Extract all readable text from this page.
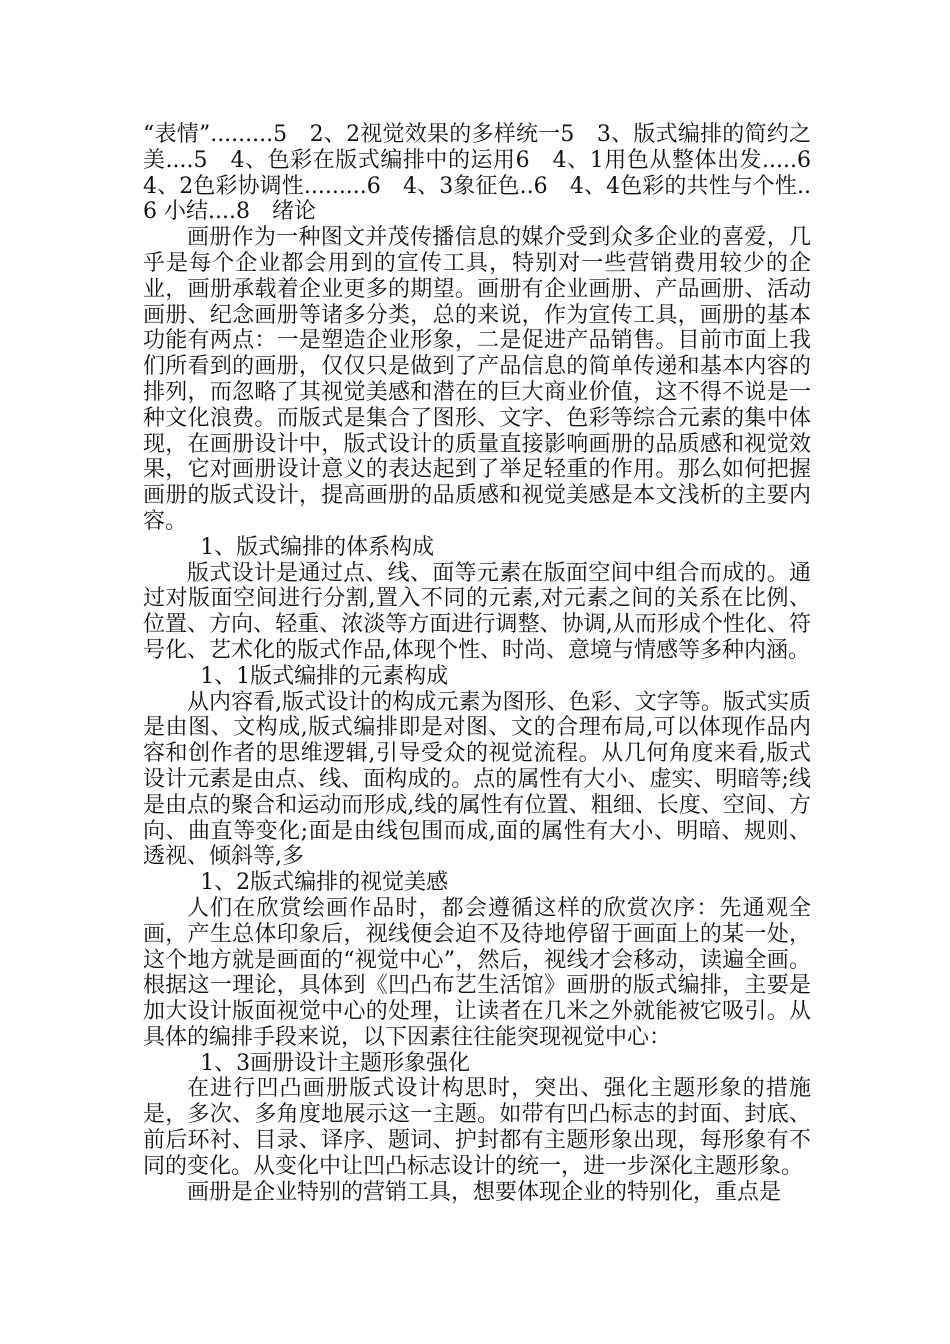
“表情”.........5　2、2视觉效果的多样统一5　3、版式编排的简约之美....5　4、色彩在版式编排中的运用6　4、1用色从整体出发.....6　4、2色彩协调性.........6　4、3象征色..6　4、4色彩的共性与个性..6 小结....8　绪论

画册作为一种图文并茂传播信息的媒介受到众多企业的喜爱，几乎是每个企业都会用到的宣传工具，特别对一些营销费用较少的企业，画册承载着企业更多的期望。画册有企业画册、产品画册、活动画册、纪念画册等诸多分类，总的来说，作为宣传工具，画册的基本功能有两点：一是塑造企业形象，二是促进产品销售。目前市面上我们所看到的画册，仅仅只是做到了产品信息的简单传递和基本内容的排列，而忽略了其视觉美感和潜在的巨大商业价值，这不得不说是一种文化浪费。而版式是集合了图形、文字、色彩等综合元素的集中体现，在画册设计中，版式设计的质量直接影响画册的品质感和视觉效果，它对画册设计意义的表达起到了举足轻重的作用。那么如何把握画册的版式设计，提高画册的品质感和视觉美感是本文浅析的主要内容。

1、版式编排的体系构成

版式设计是通过点、线、面等元素在版面空间中组合而成的。通过对版面空间进行分割,置入不同的元素,对元素之间的关系在比例、位置、方向、轻重、浓淡等方面进行调整、协调,从而形成个性化、符号化、艺术化的版式作品,体现个性、时尚、意境与情感等多种内涵。

1、1版式编排的元素构成

从内容看,版式设计的构成元素为图形、色彩、文字等。版式实质是由图、文构成,版式编排即是对图、文的合理布局,可以体现作品内容和创作者的思维逻辑,引导受众的视觉流程。从几何角度来看,版式设计元素是由点、线、面构成的。点的属性有大小、虚实、明暗等;线是由点的聚合和运动而形成,线的属性有位置、粗细、长度、空间、方向、曲直等变化;面是由线包围而成,面的属性有大小、明暗、规则、透视、倾斜等,多

1、2版式编排的视觉美感

人们在欣赏绘画作品时，都会遵循这样的欣赏次序：先通观全画，产生总体印象后，视线便会迫不及待地停留于画面上的某一处，这个地方就是画面的“视觉中心”，然后，视线才会移动，读遍全画。根据这一理论，具体到《凹凸布艺生活馆》画册的版式编排，主要是加大设计版面视觉中心的处理，让读者在几米之外就能被它吸引。从具体的编排手段来说，以下因素往往能突现视觉中心：

1、3画册设计主题形象强化

在进行凹凸画册版式设计构思时，突出、强化主题形象的措施是，多次、多角度地展示这一主题。如带有凹凸标志的封面、封底、前后环衬、目录、译序、题词、护封都有主题形象出现，每形象有不同的变化。从变化中让凹凸标志设计的统一，进一步深化主题形象。

画册是企业特别的营销工具，想要体现企业的特别化，重点是
